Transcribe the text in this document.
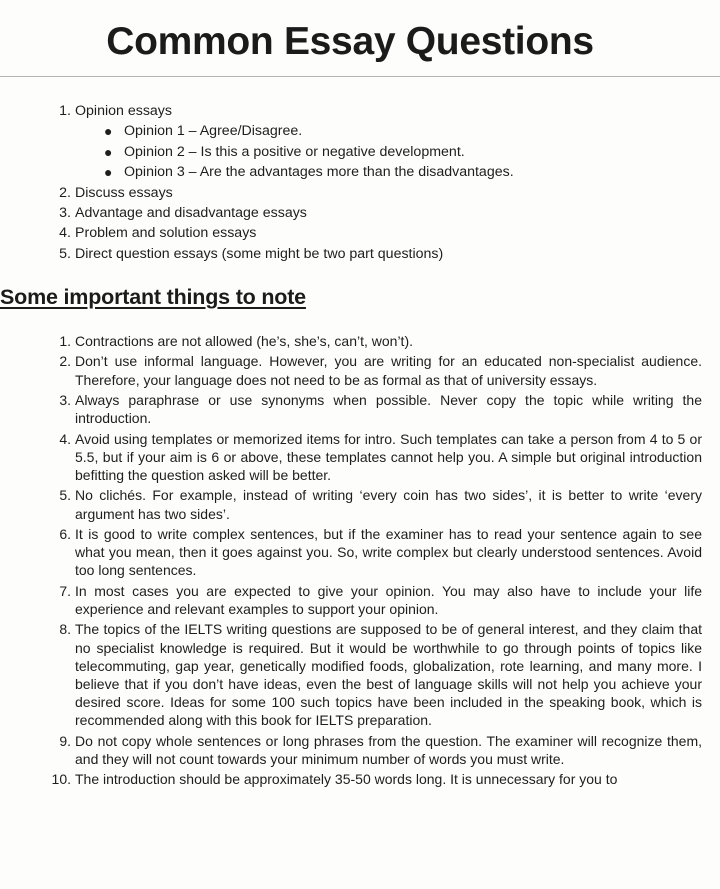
Common Essay Questions
1. Opinion essays
● Opinion 1 – Agree/Disagree.
● Opinion 2 – Is this a positive or negative development.
● Opinion 3 – Are the advantages more than the disadvantages.
2. Discuss essays
3. Advantage and disadvantage essays
4. Problem and solution essays
5. Direct question essays (some might be two part questions)
Some important things to note
1. Contractions are not allowed (he’s, she’s, can’t, won’t).
2. Don’t use informal language. However, you are writing for an educated non-specialist audience. Therefore, your language does not need to be as formal as that of university essays.
3. Always paraphrase or use synonyms when possible. Never copy the topic while writing the introduction.
4. Avoid using templates or memorized items for intro. Such templates can take a person from 4 to 5 or 5.5, but if your aim is 6 or above, these templates cannot help you. A simple but original introduction befitting the question asked will be better.
5. No clichés. For example, instead of writing ‘every coin has two sides’, it is better to write ‘every argument has two sides’.
6. It is good to write complex sentences, but if the examiner has to read your sentence again to see what you mean, then it goes against you. So, write complex but clearly understood sentences. Avoid too long sentences.
7. In most cases you are expected to give your opinion. You may also have to include your life experience and relevant examples to support your opinion.
8. The topics of the IELTS writing questions are supposed to be of general interest, and they claim that no specialist knowledge is required. But it would be worthwhile to go through points of topics like telecommuting, gap year, genetically modified foods, globalization, rote learning, and many more. I believe that if you don’t have ideas, even the best of language skills will not help you achieve your desired score. Ideas for some 100 such topics have been included in the speaking book, which is recommended along with this book for IELTS preparation.
9. Do not copy whole sentences or long phrases from the question. The examiner will recognize them, and they will not count towards your minimum number of words you must write.
10. The introduction should be approximately 35-50 words long. It is unnecessary for you to
